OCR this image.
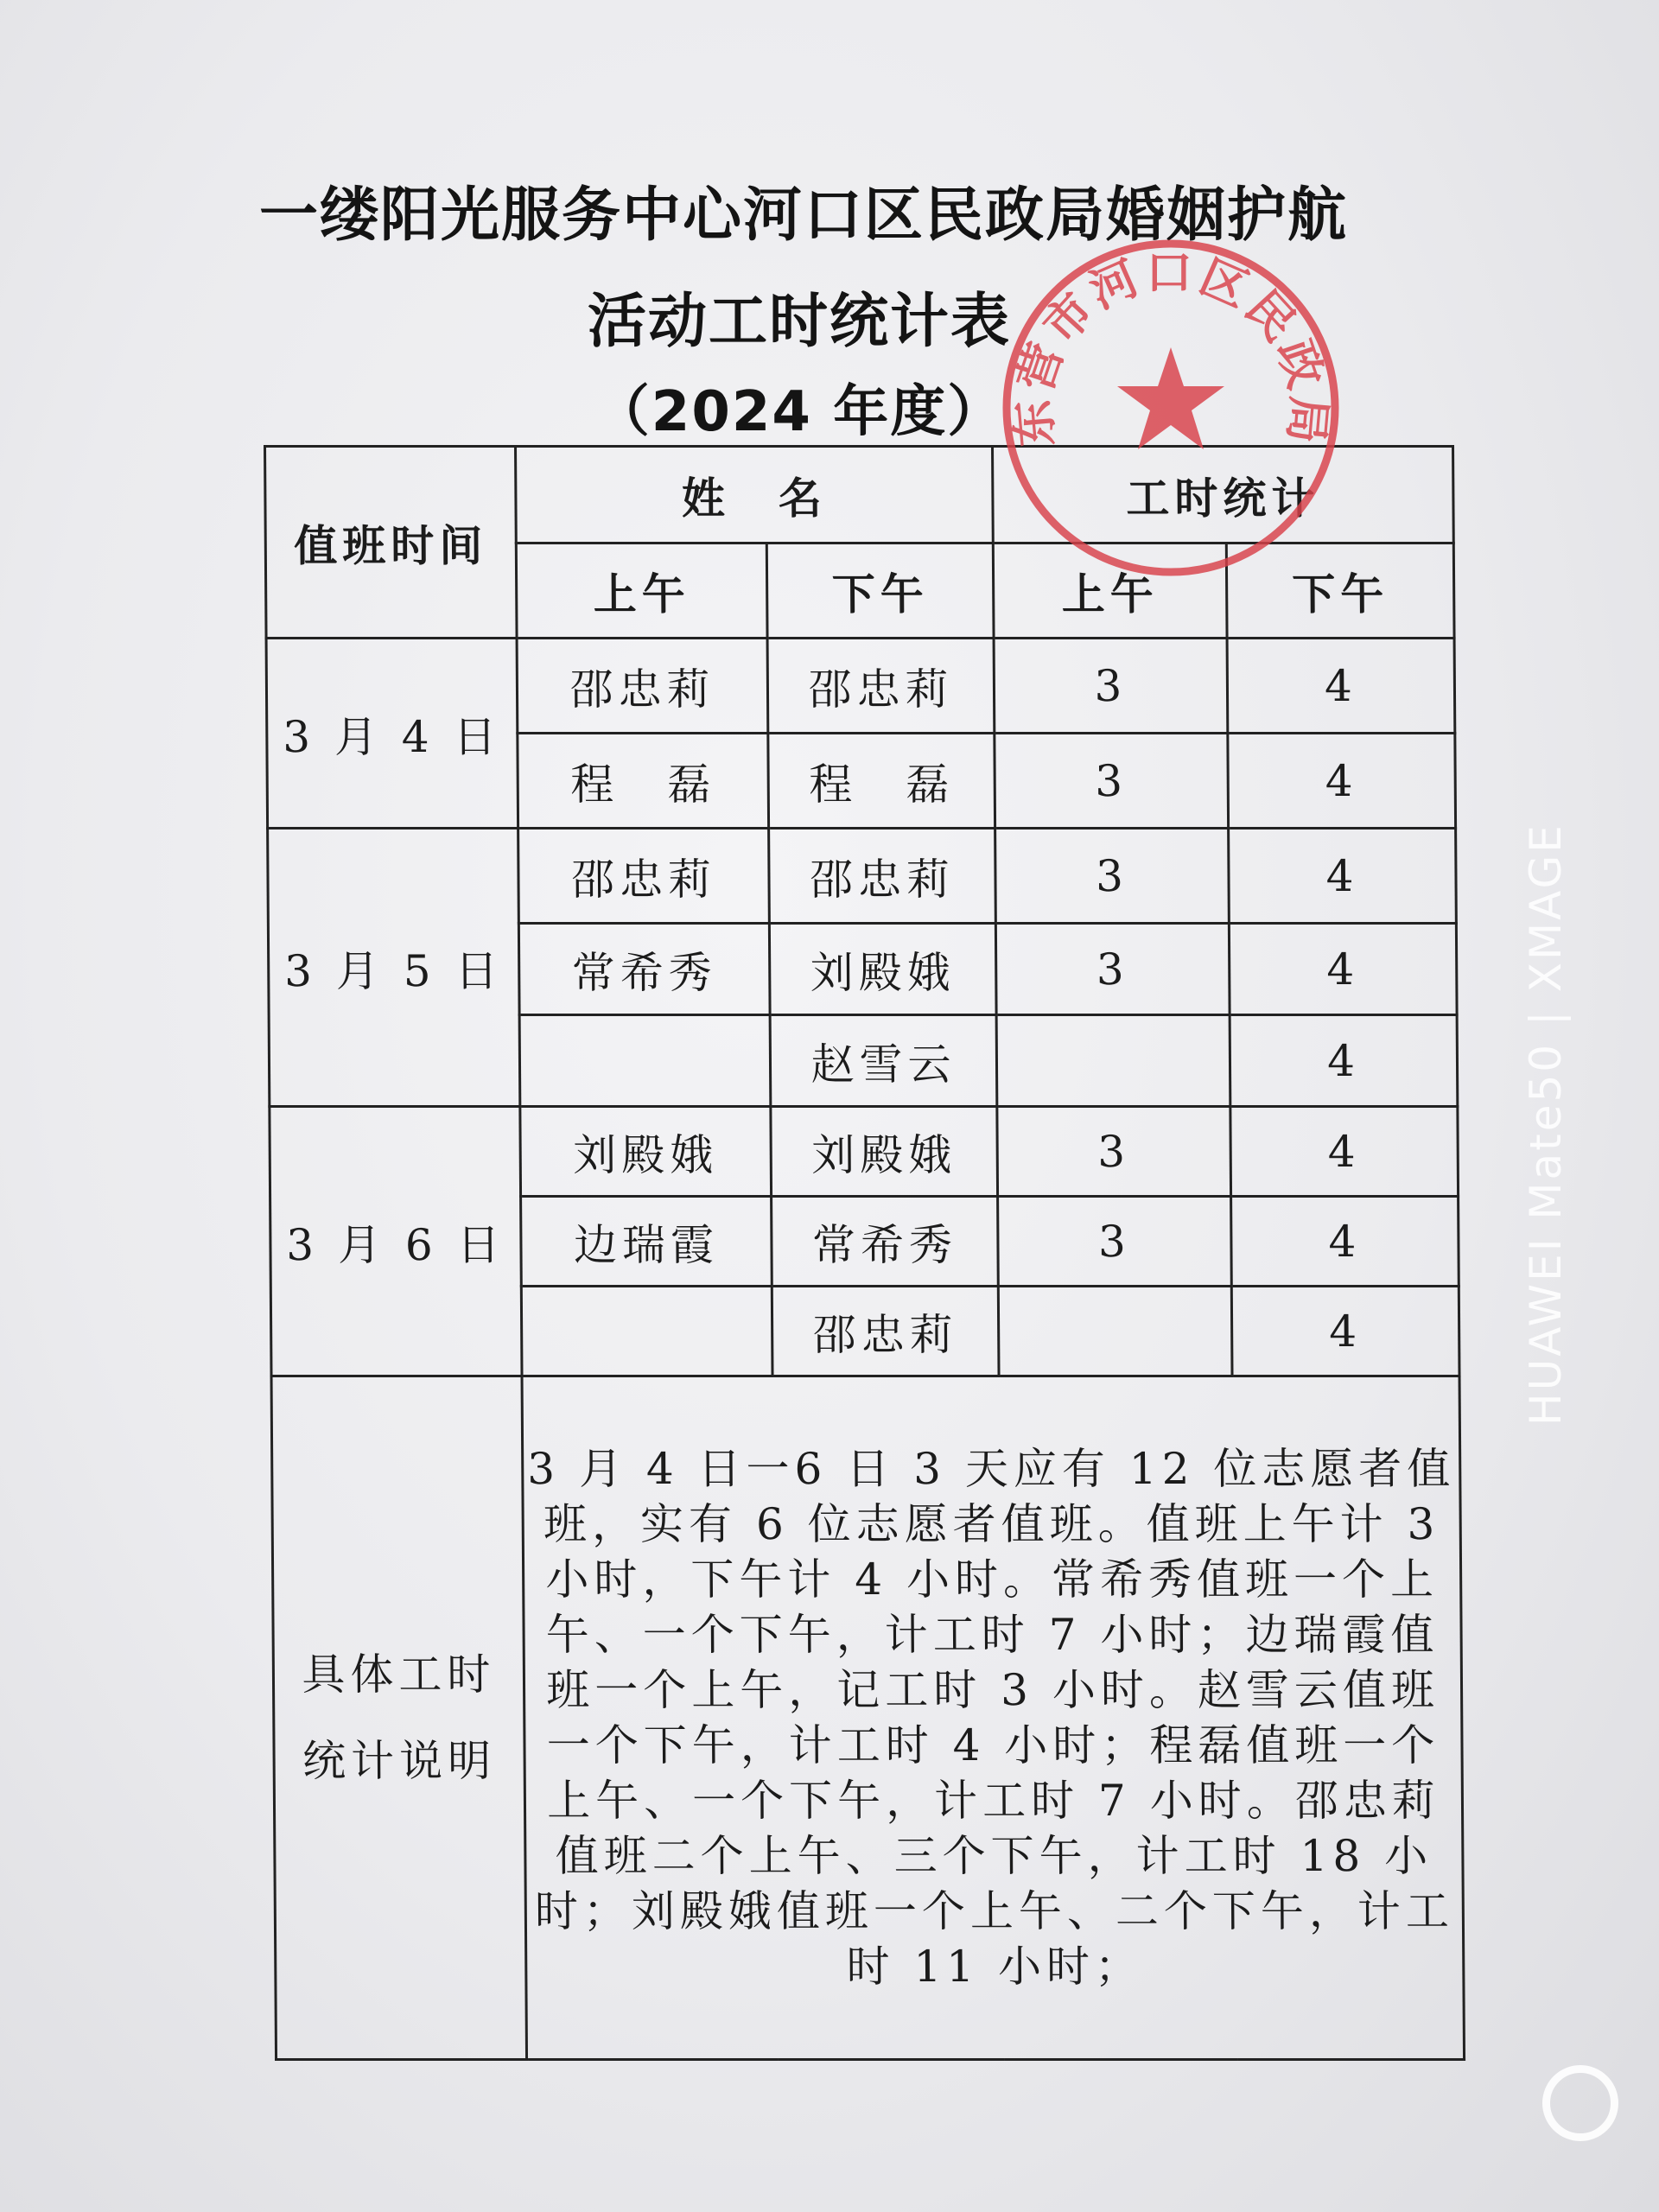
一缕阳光服务中心河口区民政局婚姻护航
活动工时统计表
（2024 年度）
值班时间	姓　名		工时统计	
	上午	下午	上午	下午
3 月 4 日	邵忠莉	邵忠莉	3	4
	程　磊	程　磊	3	4
3 月 5 日	邵忠莉	邵忠莉	3	4
	常希秀	刘殿娥	3	4
		赵雪云		4
3 月 6 日	刘殿娥	刘殿娥	3	4
	边瑞霞	常希秀	3	4
		邵忠莉		4

具体工时
统计说明	3 月 4 日一6 日 3 天应有 12 位志愿者值班，实有 6 位志愿者值班。值班上午计 3 小时，下午计 4 小时。常希秀值班一个上午、一个下午，计工时 7 小时；边瑞霞值班一个上午，记工时 3 小时。赵雪云值班一个下午，计工时 4 小时；程磊值班一个上午、一个下午，计工时 7 小时。邵忠莉值班二个上午、三个下午，计工时 18 小时；刘殿娥值班一个上午、二个下午，计工时 11 小时；			
东营市河口区民政局
HUAWEI Mate50 | XMAGE
